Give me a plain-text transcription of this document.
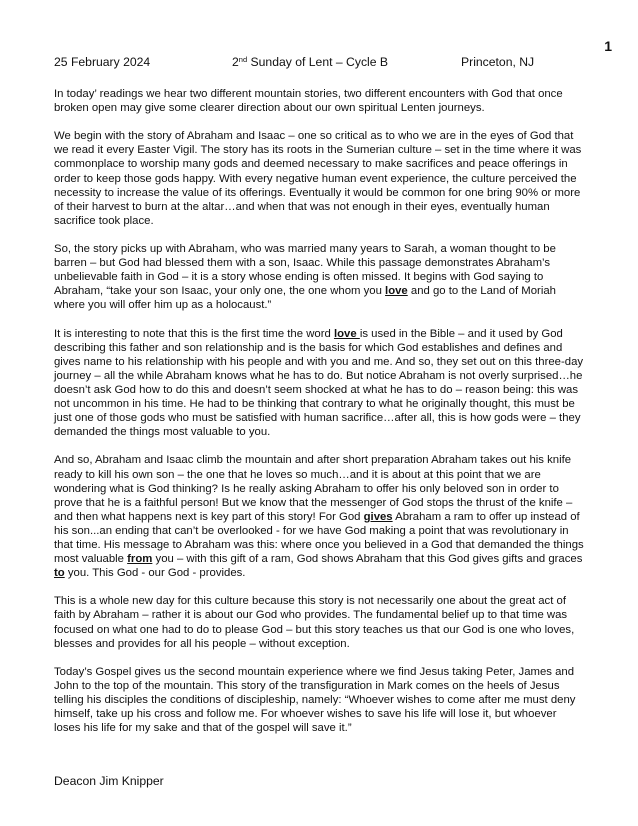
1
25 February 2024	2nd Sunday of Lent – Cycle B	Princeton, NJ

In today’ readings we hear two different mountain stories, two different encounters with God that once broken open may give some clearer direction about our own spiritual Lenten journeys.

We begin with the story of Abraham and Isaac – one so critical as to who we are in the eyes of God that we read it every Easter Vigil. The story has its roots in the Sumerian culture – set in the time where it was commonplace to worship many gods and deemed necessary to make sacrifices and peace offerings in order to keep those gods happy. With every negative human event experience, the culture perceived the necessity to increase the value of its offerings. Eventually it would be common for one bring 90% or more of their harvest to burn at the altar…and when that was not enough in their eyes, eventually human sacrifice took place.

So, the story picks up with Abraham, who was married many years to Sarah, a woman thought to be barren – but God had blessed them with a son, Isaac. While this passage demonstrates Abraham’s unbelievable faith in God – it is a story whose ending is often missed. It begins with God saying to Abraham, “take your son Isaac, your only one, the one whom you love and go to the Land of Moriah where you will offer him up as a holocaust.”

It is interesting to note that this is the first time the word love is used in the Bible – and it used by God describing this father and son relationship and is the basis for which God establishes and defines and gives name to his relationship with his people and with you and me. And so, they set out on this three-day journey – all the while Abraham knows what he has to do. But notice Abraham is not overly surprised…he doesn’t ask God how to do this and doesn’t seem shocked at what he has to do – reason being: this was not uncommon in his time. He had to be thinking that contrary to what he originally thought, this must be just one of those gods who must be satisfied with human sacrifice…after all, this is how gods were – they demanded the things most valuable to you.

And so, Abraham and Isaac climb the mountain and after short preparation Abraham takes out his knife ready to kill his own son – the one that he loves so much…and it is about at this point that we are wondering what is God thinking? Is he really asking Abraham to offer his only beloved son in order to prove that he is a faithful person! But we know that the messenger of God stops the thrust of the knife – and then what happens next is key part of this story! For God gives Abraham a ram to offer up instead of his son...an ending that can’t be overlooked - for we have God making a point that was revolutionary in that time. His message to Abraham was this: where once you believed in a God that demanded the things most valuable from you – with this gift of a ram, God shows Abraham that this God gives gifts and graces to you. This God - our God - provides.

This is a whole new day for this culture because this story is not necessarily one about the great act of faith by Abraham – rather it is about our God who provides. The fundamental belief up to that time was focused on what one had to do to please God – but this story teaches us that our God is one who loves, blesses and provides for all his people – without exception.

Today’s Gospel gives us the second mountain experience where we find Jesus taking Peter, James and John to the top of the mountain. This story of the transfiguration in Mark comes on the heels of Jesus telling his disciples the conditions of discipleship, namely: “Whoever wishes to come after me must deny himself, take up his cross and follow me. For whoever wishes to save his life will lose it, but whoever loses his life for my sake and that of the gospel will save it.”

Deacon Jim Knipper
